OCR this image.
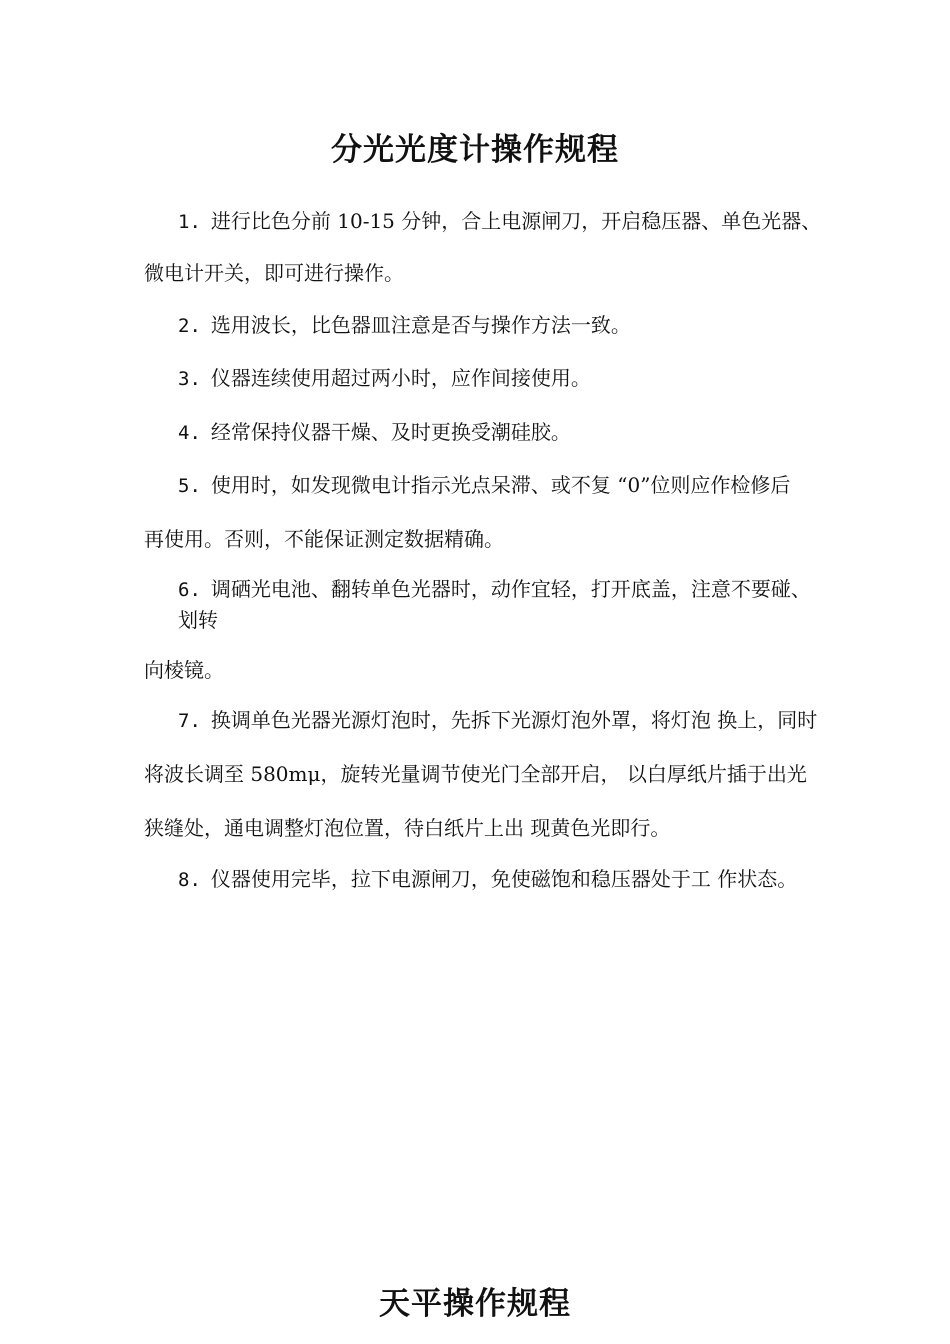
分光光度计操作规程
1. 进行比色分前 10-15 分钟，合上电源闸刀，开启稳压器、单色光器、
微电计开关，即可进行操作。
2. 选用波长，比色器皿注意是否与操作方法一致。
3. 仪器连续使用超过两小时，应作间接使用。
4. 经常保持仪器干燥、及时更换受潮硅胶。
5. 使用时，如发现微电计指示光点呆滞、或不复 “0”位则应作检修后
再使用。否则，不能保证测定数据精确。
6. 调硒光电池、翻转单色光器时，动作宜轻，打开底盖，注意不要碰、
划转
向棱镜。
7. 换调单色光器光源灯泡时，先拆下光源灯泡外罩，将灯泡 换上，同时
将波长调至 580mμ，旋转光量调节使光门全部开启， 以白厚纸片插于出光
狭缝处，通电调整灯泡位置，待白纸片上出 现黄色光即行。
8. 仪器使用完毕，拉下电源闸刀，免使磁饱和稳压器处于工 作状态。
天平操作规程
